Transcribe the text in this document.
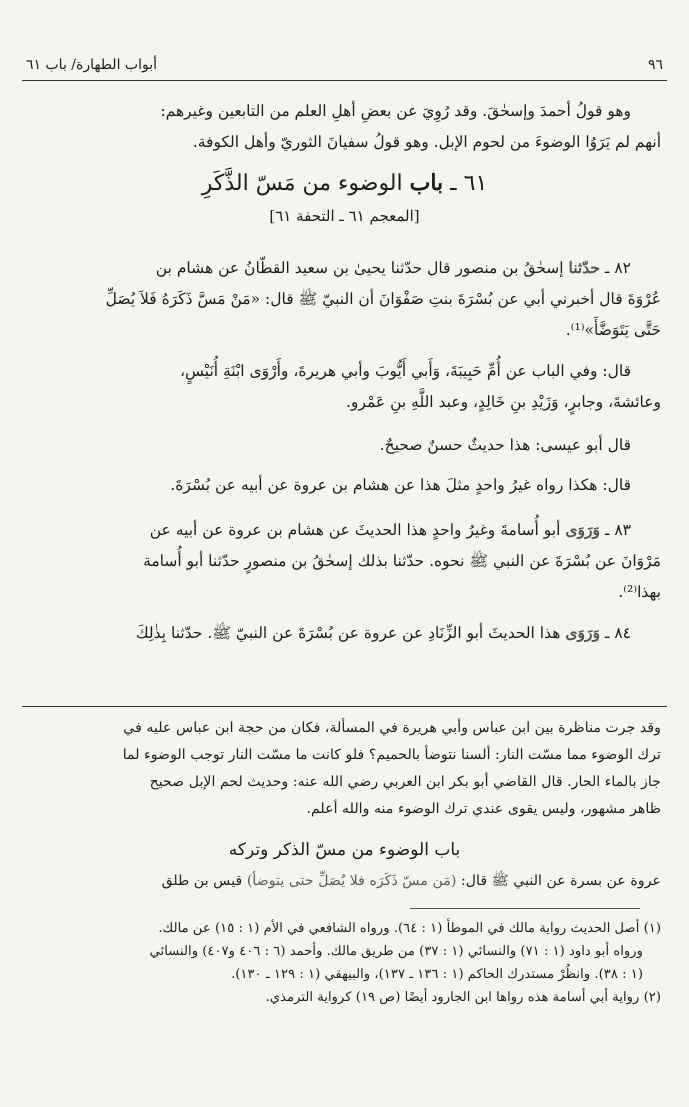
أبواب الطهارة/ باب ٦١	٩٦

وهو قولُ أحمدَ وإسحٰقَ. وقد رُوِيَ عن بعضِ أهلِ العلم من التابعين وغيرهم:

أنهم لم يَرَوُا الوضوءَ من لحوم الإبل. وهو قولُ سفيانَ الثوريّ وأهل الكوفة.

٦١ ـ باب الوضوء من مَسّ الذَّكَرِ
[المعجم ٦١ ـ التحفة ٦١]

٨٢ ـ حدّثنا إسحٰقُ بن منصور قال حدّثنا يحيىٰ بن سعيد القطّانُ عن هشام بن

عُرْوَةَ قال أخبرني أبي عن بُسْرَةَ بنتِ صَفْوَانَ أن النبيّ ﷺ قال: «مَنْ مَسَّ ذَكَرَهُ فَلاَ يُصَلِّ

حَتَّى يَتَوَضَّأَ»⁽¹⁾.

قال: وفي الباب عن أُمِّ حَبِيبَةَ، وَأَبي أَيُّوبَ وأبي هريرةَ، وأَرْوَى ابْنَةِ أُنَيْسٍ،

وعائشةَ، وجابرٍ، وَزَيْدِ بنِ خَالِدٍ، وعبد اللَّهِ بنِ عَمْرو.

قال أبو عيسى: هذا حديثٌ حسنٌ صحيحٌ.

قال: هكذا رواه غيرُ واحدٍ مثلَ هذا عن هشام بن عروة عن أبيه عن بُسْرَةَ.

٨٣ ـ وَرَوَى أبو أُسامةَ وغيرُ واحدٍ هذا الحديثَ عن هشام بن عروة عن أبيه عن

مَرْوَانَ عن بُسْرَةَ عن النبي ﷺ نحوه. حدّثنا بذلك إسحٰقُ بن منصورٍ حدّثنا أبو أُسامة

بهذا⁽²⁾.

٨٤ ـ وَرَوَى هذا الحديثَ أبو الزِّنَادِ عن عروة عن بُسْرَةَ عن النبيّ ﷺ. حدّثنا بِذٰلِكَ

وقد جرت مناظرة بين ابن عباس وأبي هريرة في المسألة، فكان من حجة ابن عباس عليه في

ترك الوضوء مما مسّت النار: ألسنا نتوضأ بالحميم؟ فلو كانت ما مسّت النار توجب الوضوء لما

جاز بالماء الحار. قال القاضي أبو بكر ابن العربي رضي الله عنه: وحديث لحم الإبل صحيح

ظاهر مشهور، وليس يقوى عندي ترك الوضوء منه والله أعلم.

باب الوضوء من مسّ الذكر وتركه
عروة عن بسرة عن النبي ﷺ قال: (مَن مسّ ذَكَرَه فلا يُصَلِّ حتى يتوضأ) قيس بن طلق

(١) أصل الحديث رواية مالك في الموطأ (١ : ٦٤). ورواه الشافعي في الأم (١ : ١٥) عن مالك.

ورواه أبو داود (١ : ٧١) والنسائي (١ : ٣٧) من طريق مالك. وأحمد (٦ : ٤٠٦ و٤٠٧) والنسائي

(١ : ٣٨). وانظُرْ مستدرك الحاكم (١ : ١٣٦ ـ ١٣٧)، والبيهقي (١ : ١٢٩ ـ ١٣٠).

(٢) رواية أبي أسامة هذه رواها ابن الجارود أيضًا (ص ١٩) كرواية الترمذي.
